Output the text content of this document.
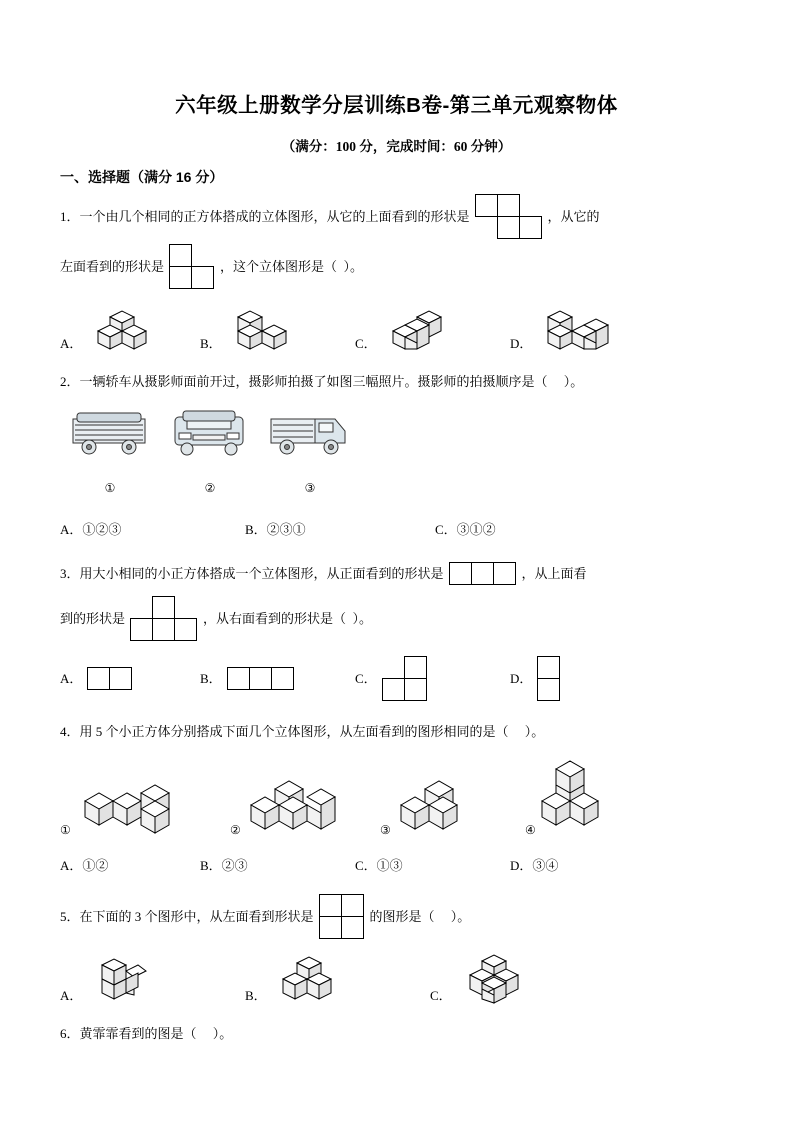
六年级上册数学分层训练B卷-第三单元观察物体
（满分：100 分，完成时间：60 分钟）
一、选择题（满分 16 分）
1． 一个由几个相同的正方体搭成的立体图形，从它的上面看到的形状是	，从它的
左面看到的形状是	，这个立体图形是（  ）。
A．	B．	C．	D．
2． 一辆轿车从摄影师面前开过，摄影师拍摄了如图三幅照片。摄影师的拍摄顺序是（     ）。
①	②	③
A．①②③	B．②③①	C．③①②
3． 用大小相同的小正方体搭成一个立体图形，从正面看到的形状是	，从上面看
到的形状是	，从右面看到的形状是（  ）。
A．	B．	C．	D．
4． 用 5 个小正方体分别搭成下面几个立体图形，从左面看到的图形相同的是（     ）。
①	②	③	④
A．①②	B．②③	C．①③	D．③④
5． 在下面的 3 个图形中，从左面看到形状是	的图形是（     ）。
A．	B．	C．
6． 黄霏霏看到的图是（     ）。
